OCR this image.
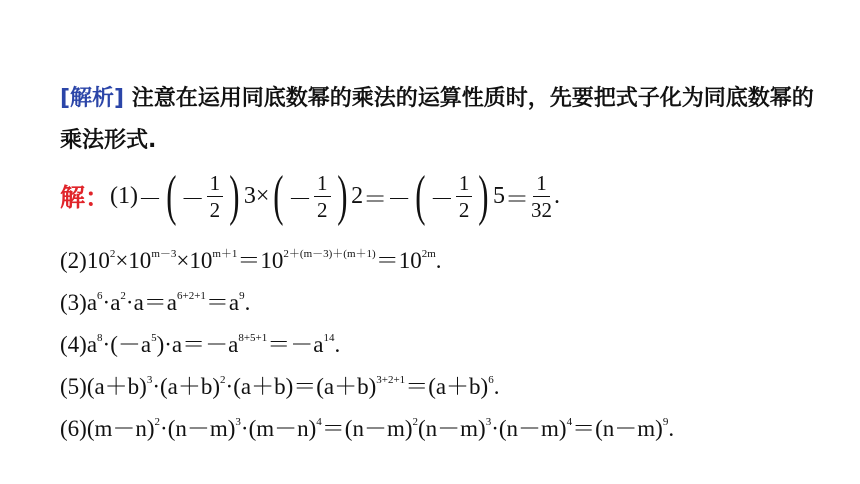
[解析] 注意在运用同底数幂的乘法的运算性质时，先要把式子化为同底数幂的乘法形式.
解： (1) － ( － $\frac{1}{2}$ ) 3 × ( － $\frac{1}{2}$ ) 2 ＝ － ( － $\frac{1}{2}$ ) $5 = \frac{1}{32}$ .
$(2)10^2\times 10^{m-3}\times 10^{m+1}=10^{2+(m-3)+(m+1)}=10^{2m}$.
$(3)a^6\cdot a^2\cdot a=a^{6+2+1}=a^9$.
$(4)a^8\cdot(-a^5)\cdot a=-a^{8+5+1}=-a^{14}$.
$(5)(a+b)^3\cdot(a+b)^2\cdot(a+b)=(a+b)^{3+2+1}=(a+b)^6$.
$(6)(m-n)^2\cdot(n-m)^3\cdot(m-n)^4=(n-m)^2(n-m)^3\cdot(n-m)^4=(n-m)^9$.
